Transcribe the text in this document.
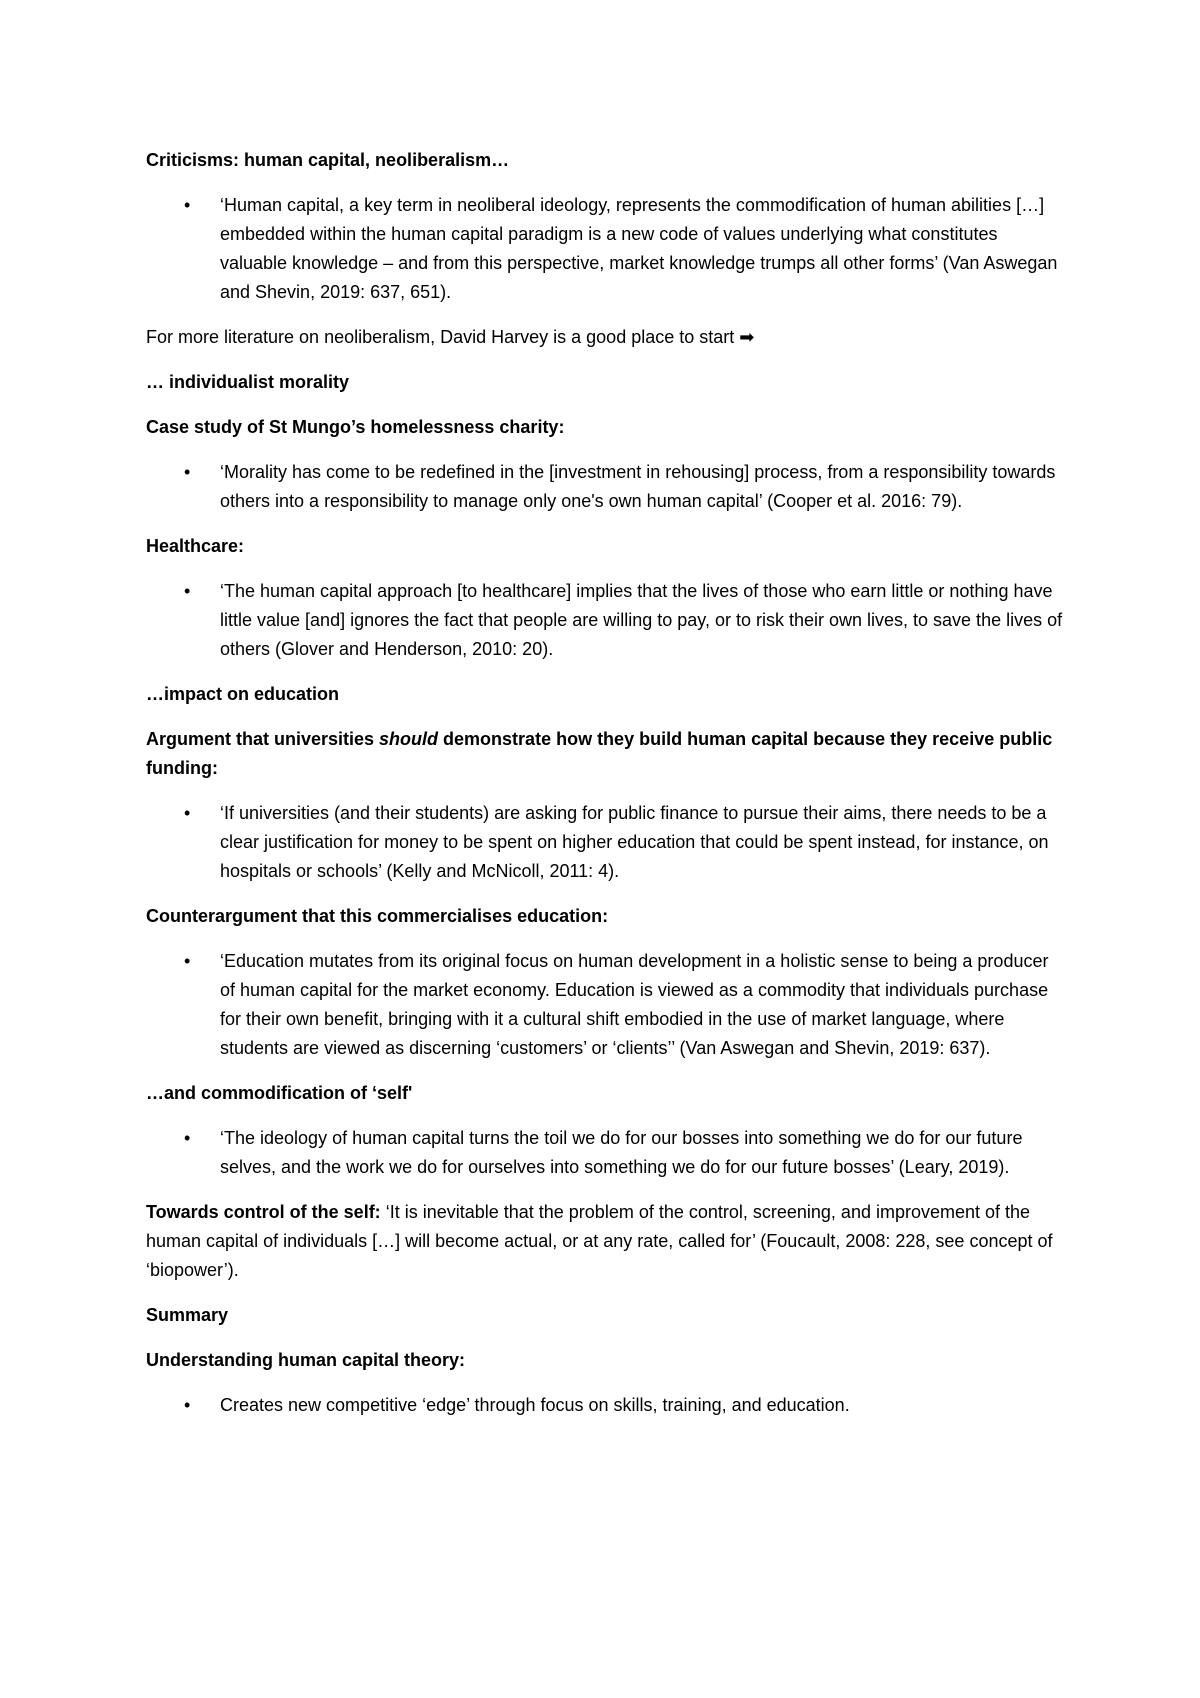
Criticisms: human capital, neoliberalism…
• ‘Human capital, a key term in neoliberal ideology, represents the commodification of human abilities […] embedded within the human capital paradigm is a new code of values underlying what constitutes valuable knowledge – and from this perspective, market knowledge trumps all other forms’ (Van Aswegan and Shevin, 2019: 637, 651).
For more literature on neoliberalism, David Harvey is a good place to start ➡
… individualist morality
Case study of St Mungo’s homelessness charity:
• ‘Morality has come to be redefined in the [investment in rehousing] process, from a responsibility towards others into a responsibility to manage only one's own human capital’ (Cooper et al. 2016: 79).
Healthcare:
• ‘The human capital approach [to healthcare] implies that the lives of those who earn little or nothing have little value [and] ignores the fact that people are willing to pay, or to risk their own lives, to save the lives of others (Glover and Henderson, 2010: 20).
…impact on education
Argument that universities should demonstrate how they build human capital because they receive public funding:
• ‘If universities (and their students) are asking for public finance to pursue their aims, there needs to be a clear justification for money to be spent on higher education that could be spent instead, for instance, on hospitals or schools’ (Kelly and McNicoll, 2011: 4).
Counterargument that this commercialises education:
• ‘Education mutates from its original focus on human development in a holistic sense to being a producer of human capital for the market economy. Education is viewed as a commodity that individuals purchase for their own benefit, bringing with it a cultural shift embodied in the use of market language, where students are viewed as discerning ‘customers’ or ‘clients’’ (Van Aswegan and Shevin, 2019: 637).
…and commodification of ‘self'
• ‘The ideology of human capital turns the toil we do for our bosses into something we do for our future selves, and the work we do for ourselves into something we do for our future bosses’ (Leary, 2019).
Towards control of the self: ‘It is inevitable that the problem of the control, screening, and improvement of the human capital of individuals […] will become actual, or at any rate, called for’ (Foucault, 2008: 228, see concept of ‘biopower’).
Summary
Understanding human capital theory:
• Creates new competitive ‘edge’ through focus on skills, training, and education.
